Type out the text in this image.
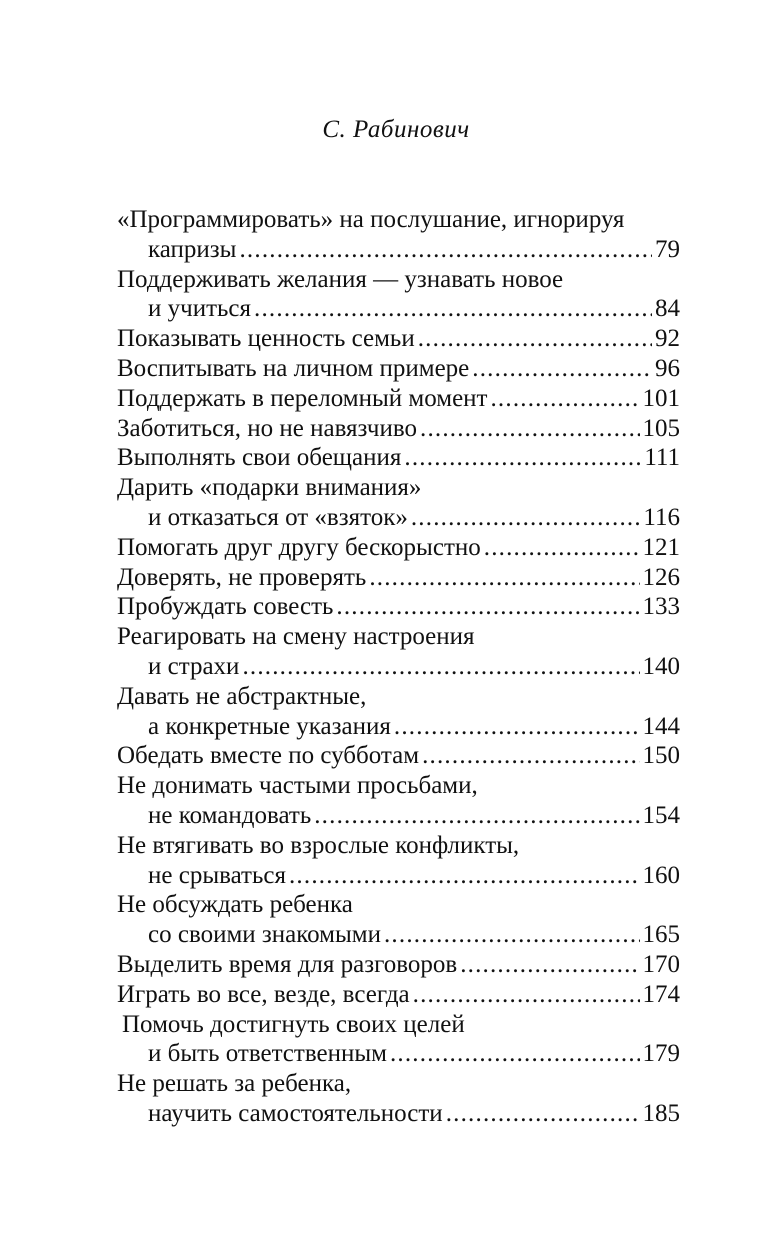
С. Рабинович
«Программировать» на послушание, игнорируя
капризы .....	79
Поддерживать желания — узнавать новое
и учиться .....	84
Показывать ценность семьи .....	92
Воспитывать на личном примере .....	96
Поддержать в переломный момент .....	101
Заботиться, но не навязчиво .....	105
Выполнять свои обещания .....	111
Дарить «подарки внимания»
и отказаться от «взяток» .....	116
Помогать друг другу бескорыстно .....	121
Доверять, не проверять .....	126
Пробуждать совесть .....	133
Реагировать на смену настроения
и страхи .....	140
Давать не абстрактные,
а конкретные указания .....	144
Обедать вместе по субботам .....	150
Не донимать частыми просьбами,
не командовать .....	154
Не втягивать во взрослые конфликты,
не срываться .....	160
Не обсуждать ребенка
со своими знакомыми .....	165
Выделить время для разговоров .....	170
Играть во все, везде, всегда .....	174
Помочь достигнуть своих целей
и быть ответственным .....	179
Не решать за ребенка,
научить самостоятельности .....	185
